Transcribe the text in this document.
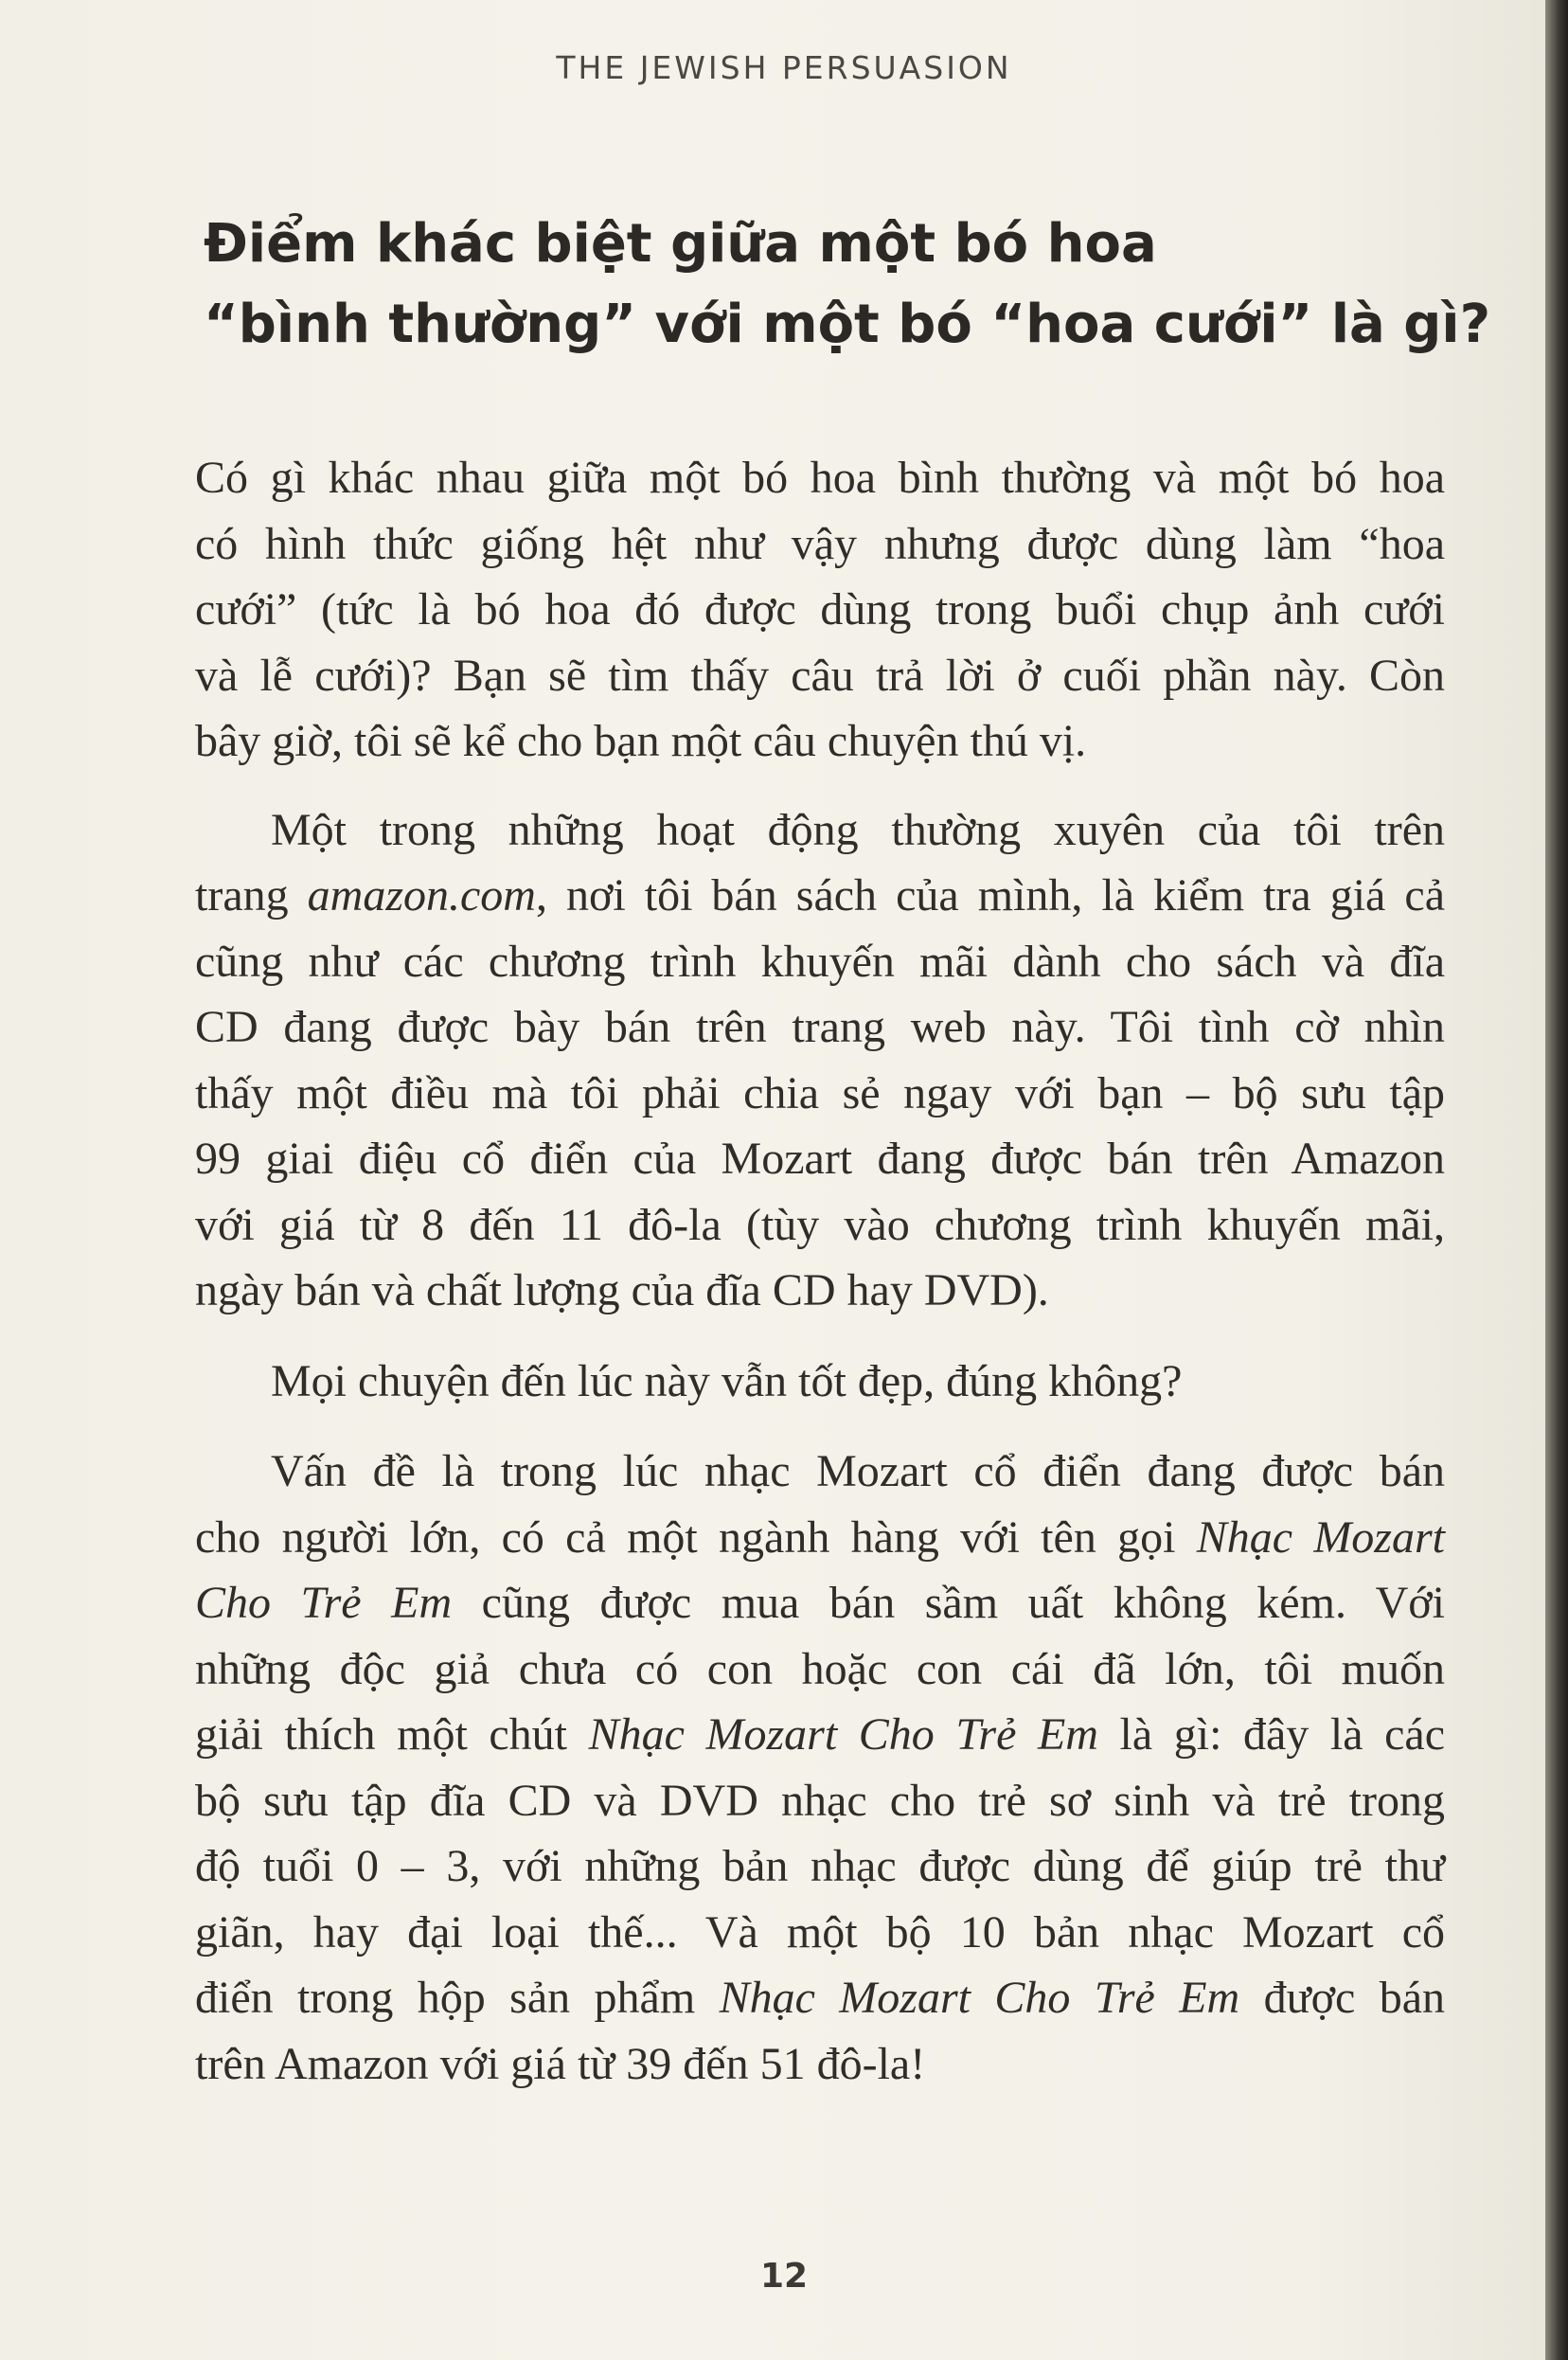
THE JEWISH PERSUASION
Điểm khác biệt giữa một bó hoa
“bình thường” với một bó “hoa cưới” là gì?

Có gì khác nhau giữa một bó hoa bình thường và một bó hoa
có hình thức giống hệt như vậy nhưng được dùng làm “hoa
cưới” (tức là bó hoa đó được dùng trong buổi chụp ảnh cưới
và lễ cưới)? Bạn sẽ tìm thấy câu trả lời ở cuối phần này. Còn
bây giờ, tôi sẽ kể cho bạn một câu chuyện thú vị.

Một trong những hoạt động thường xuyên của tôi trên
trang amazon.com, nơi tôi bán sách của mình, là kiểm tra giá cả
cũng như các chương trình khuyến mãi dành cho sách và đĩa
CD đang được bày bán trên trang web này. Tôi tình cờ nhìn
thấy một điều mà tôi phải chia sẻ ngay với bạn – bộ sưu tập
99 giai điệu cổ điển của Mozart đang được bán trên Amazon
với giá từ 8 đến 11 đô-la (tùy vào chương trình khuyến mãi,
ngày bán và chất lượng của đĩa CD hay DVD).

Mọi chuyện đến lúc này vẫn tốt đẹp, đúng không?

Vấn đề là trong lúc nhạc Mozart cổ điển đang được bán
cho người lớn, có cả một ngành hàng với tên gọi Nhạc Mozart
Cho Trẻ Em cũng được mua bán sầm uất không kém. Với
những độc giả chưa có con hoặc con cái đã lớn, tôi muốn
giải thích một chút Nhạc Mozart Cho Trẻ Em là gì: đây là các
bộ sưu tập đĩa CD và DVD nhạc cho trẻ sơ sinh và trẻ trong
độ tuổi 0 – 3, với những bản nhạc được dùng để giúp trẻ thư
giãn, hay đại loại thế... Và một bộ 10 bản nhạc Mozart cổ
điển trong hộp sản phẩm Nhạc Mozart Cho Trẻ Em được bán
trên Amazon với giá từ 39 đến 51 đô-la!

12
